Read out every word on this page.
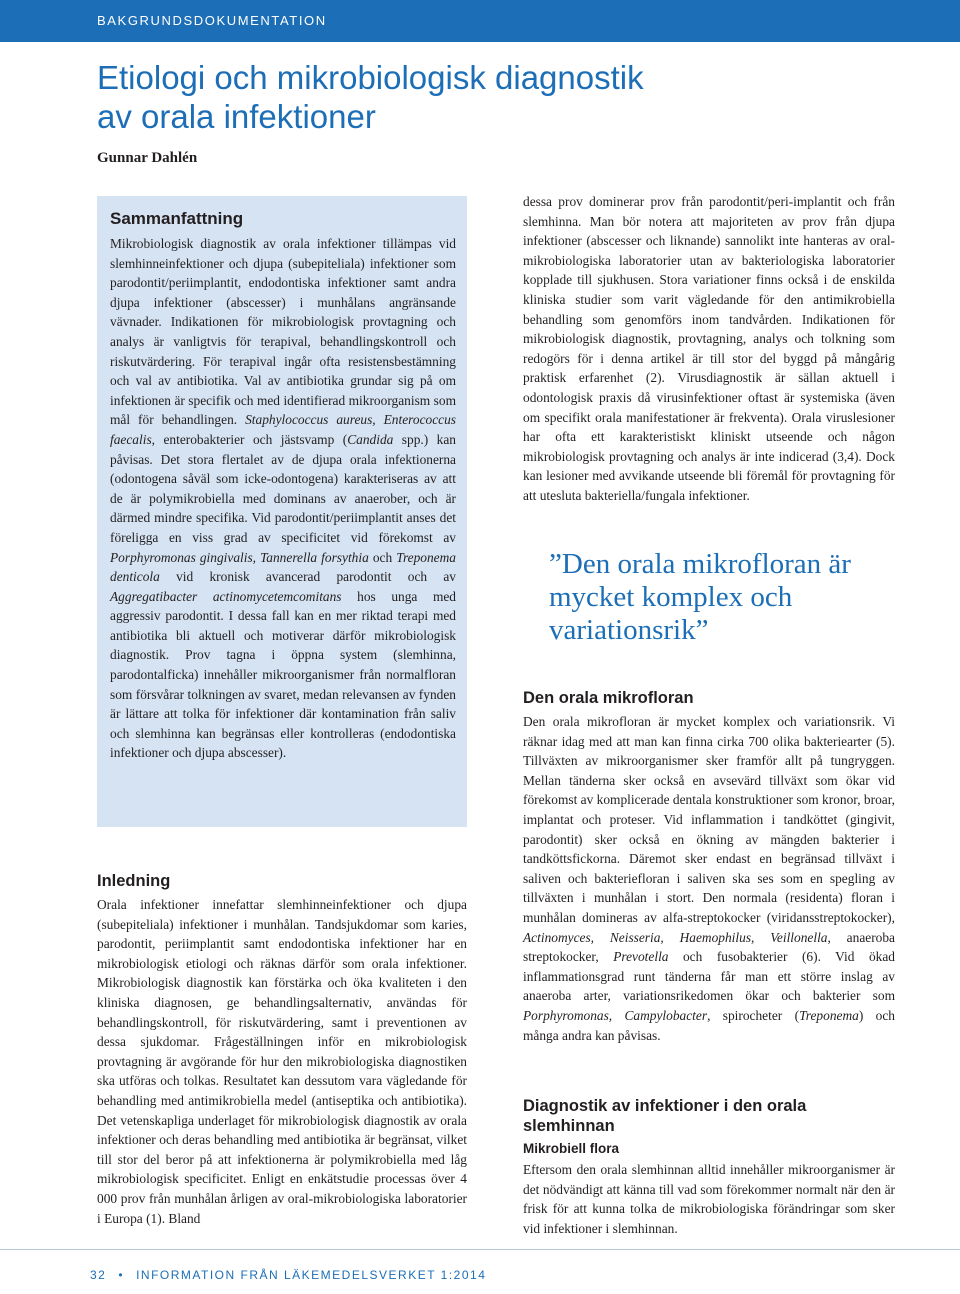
BAKGRUNDSDOKUMENTATION
Etiologi och mikrobiologisk diagnostik
av orala infektioner
Gunnar Dahlén
Sammanfattning

Mikrobiologisk diagnostik av orala infektioner tillämpas vid slemhinneinfektioner och djupa (subepiteliala) infektioner som parodontit/periimplantit, endodontiska infektioner samt andra djupa infektioner (abscesser) i munhålans angränsande vävnader. Indikationen för mikrobiologisk provtagning och analys är vanligtvis för terapival, behandlingskontroll och riskutvärdering. För terapival ingår ofta resistensbestämning och val av antibiotika. Val av antibiotika grundar sig på om infektionen är specifik och med identifierad mikroorganism som mål för behandlingen. Staphylococcus aureus, Enterococcus faecalis, enterobakterier och jästsvamp (Candida spp.) kan påvisas. Det stora flertalet av de djupa orala infektionerna (odontogena såväl som icke-odontogena) karakteriseras av att de är polymikrobiella med dominans av anaerober, och är därmed mindre specifika. Vid parodontit/periimplantit anses det föreligga en viss grad av specificitet vid förekomst av Porphyromonas gingivalis, Tannerella forsythia och Treponema denticola vid kronisk avancerad parodontit och av Aggregatibacter actinomycetemcomitans hos unga med aggressiv parodontit. I dessa fall kan en mer riktad terapi med antibiotika bli aktuell och motiverar därför mikrobiologisk diagnostik. Prov tagna i öppna system (slemhinna, parodontalficka) innehåller mikroorganismer från normalfloran som försvårar tolkningen av svaret, medan relevansen av fynden är lättare att tolka för infektioner där kontamination från saliv och slemhinna kan begränsas eller kontrolleras (endodontiska infektioner och djupa abscesser).

Inledning

Orala infektioner innefattar slemhinneinfektioner och djupa (subepiteliala) infektioner i munhålan. Tandsjukdomar som karies, parodontit, periimplantit samt endodontiska infektioner har en mikrobiologisk etiologi och räknas därför som orala infektioner. Mikrobiologisk diagnostik kan förstärka och öka kvaliteten i den kliniska diagnosen, ge behandlingsalternativ, användas för behandlingskontroll, för riskutvärdering, samt i preventionen av dessa sjukdomar. Frågeställningen inför en mikrobiologisk provtagning är avgörande för hur den mikrobiologiska diagnostiken ska utföras och tolkas. Resultatet kan dessutom vara vägledande för behandling med antimikrobiella medel (antiseptika och antibiotika). Det vetenskapliga underlaget för mikrobiologisk diagnostik av orala infektioner och deras behandling med antibiotika är begränsat, vilket till stor del beror på att infektionerna är polymikrobiella med låg mikrobiologisk specificitet. Enligt en enkätstudie processas över 4 000 prov från munhålan årligen av oral-mikrobiologiska laboratorier i Europa (1). Bland

dessa prov dominerar prov från parodontit/peri-implantit och från slemhinna. Man bör notera att majoriteten av prov från djupa infektioner (abscesser och liknande) sannolikt inte hanteras av oral-mikrobiologiska laboratorier utan av bakteriologiska laboratorier kopplade till sjukhusen. Stora variationer finns också i de enskilda kliniska studier som varit vägledande för den antimikrobiella behandling som genomförs inom tandvården. Indikationen för mikrobiologisk diagnostik, provtagning, analys och tolkning som redogörs för i denna artikel är till stor del byggd på mångårig praktisk erfarenhet (2). Virusdiagnostik är sällan aktuell i odontologisk praxis då virusinfektioner oftast är systemiska (även om specifikt orala manifestationer är frekventa). Orala viruslesioner har ofta ett karakteristiskt kliniskt utseende och någon mikrobiologisk provtagning och analys är inte indicerad (3,4). Dock kan lesioner med avvikande utseende bli föremål för provtagning för att utesluta bakteriella/fungala infektioner.

”Den orala mikrofloran är mycket komplex och variationsrik”
Den orala mikrofloran

Den orala mikrofloran är mycket komplex och variationsrik. Vi räknar idag med att man kan finna cirka 700 olika bakteriearter (5). Tillväxten av mikroorganismer sker framför allt på tungryggen. Mellan tänderna sker också en avsevärd tillväxt som ökar vid förekomst av komplicerade dentala konstruktioner som kronor, broar, implantat och proteser. Vid inflammation i tandköttet (gingivit, parodontit) sker också en ökning av mängden bakterier i tandköttsfickorna. Däremot sker endast en begränsad tillväxt i saliven och bakteriefloran i saliven ska ses som en spegling av tillväxten i munhålan i stort. Den normala (residenta) floran i munhålan domineras av alfa-streptokocker (viridansstreptokocker), Actinomyces, Neisseria, Haemophilus, Veillonella, anaeroba streptokocker, Prevotella och fusobakterier (6). Vid ökad inflammationsgrad runt tänderna får man ett större inslag av anaeroba arter, variationsrikedomen ökar och bakterier som Porphyromonas, Campylobacter, spirocheter (Treponema) och många andra kan påvisas.

Diagnostik av infektioner i den orala slemhinnan
Mikrobiell flora

Eftersom den orala slemhinnan alltid innehåller mikroorganismer är det nödvändigt att känna till vad som förekommer normalt när den är frisk för att kunna tolka de mikrobiologiska förändringar som sker vid infektioner i slemhinnan.

32 • INFORMATION FRÅN LÄKEMEDELSVERKET 1:2014
